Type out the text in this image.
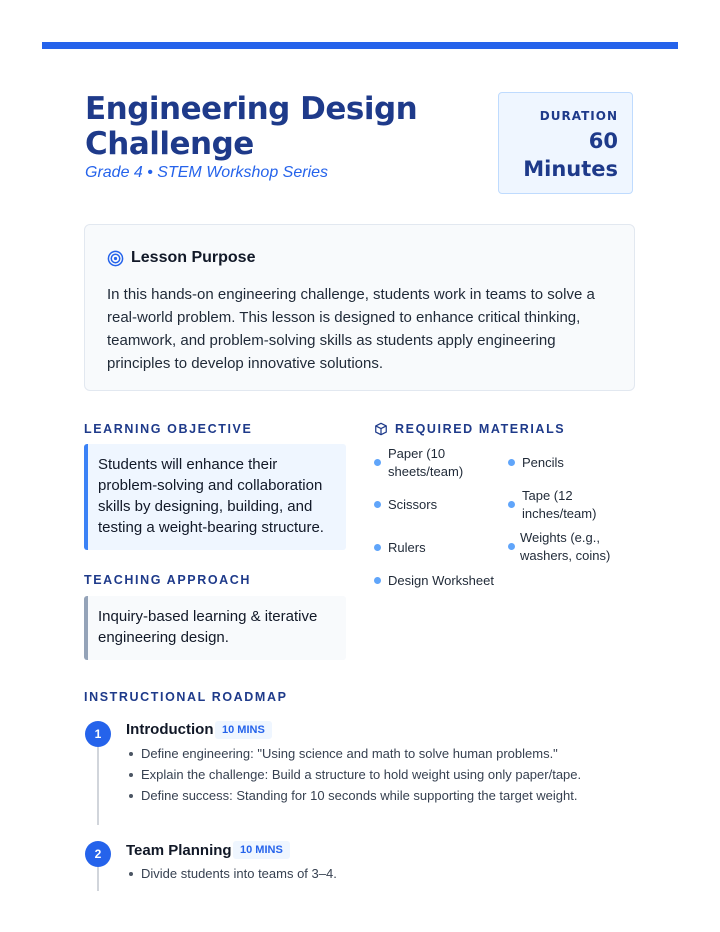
Engineering Design Challenge
Grade 4 • STEM Workshop Series
DURATION
60
Minutes
Lesson Purpose

In this hands-on engineering challenge, students work in teams to solve a real-world problem. This lesson is designed to enhance critical thinking, teamwork, and problem-solving skills as students apply engineering principles to develop innovative solutions.

LEARNING OBJECTIVE
Students will enhance their problem-solving and collaboration skills by designing, building, and testing a weight-bearing structure.
TEACHING APPROACH
Inquiry-based learning & iterative engineering design.
REQUIRED MATERIALS
Paper (10 sheets/team)
Pencils
Scissors
Tape (12 inches/team)
Rulers
Weights (e.g., washers, coins)
Design Worksheet
INSTRUCTIONAL ROADMAP
1	Introduction 10 MINS
Define engineering: "Using science and math to solve human problems."
Explain the challenge: Build a structure to hold weight using only paper/tape.
Define success: Standing for 10 seconds while supporting the target weight.
2	Team Planning 10 MINS
Divide students into teams of 3–4.
